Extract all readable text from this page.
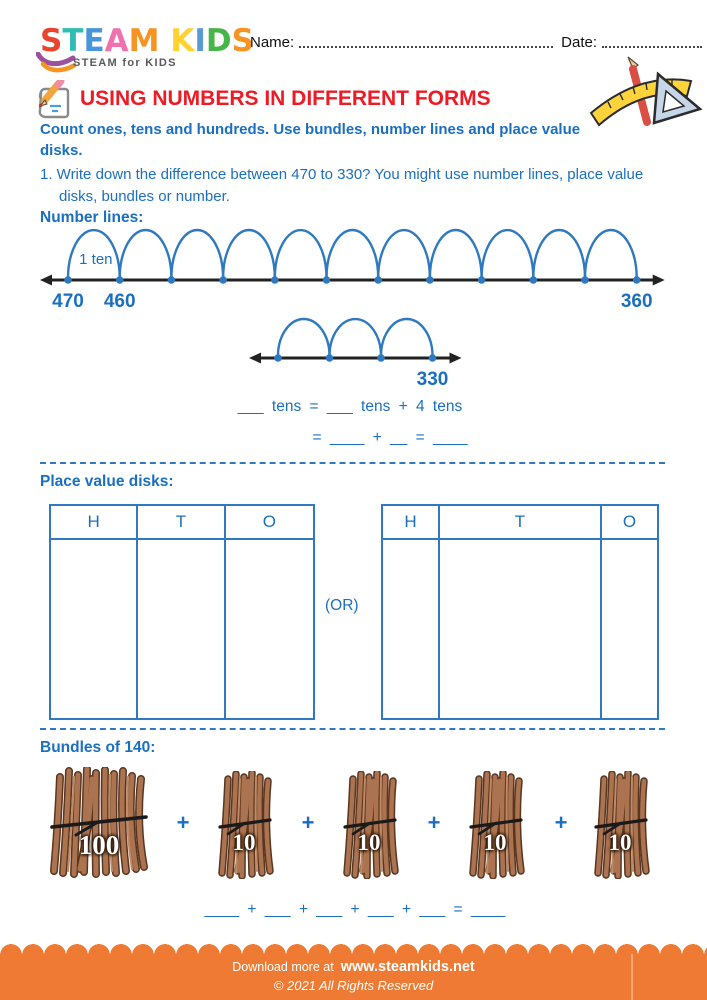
STEAM KIDS
STEAM for KIDS
Name:	Date:
USING NUMBERS IN DIFFERENT FORMS
Count ones, tens and hundreds. Use bundles, number lines and place value disks.
1. Write down the difference between 470 to 330? You might use number lines, place value disks, bundles or number.
Number lines:
470 460	360
1 ten
330
___ tens = ___ tens + 4 tens
= ____ + __ = ____
Place value disks:
H	T	O
(OR)
H	T	O
Bundles of 140:
100
+
10
+
10
+
10
+
10
____ + ___ + ___ + ___ + ___ = ____
Download more at www.steamkids.net
© 2021 All Rights Reserved
